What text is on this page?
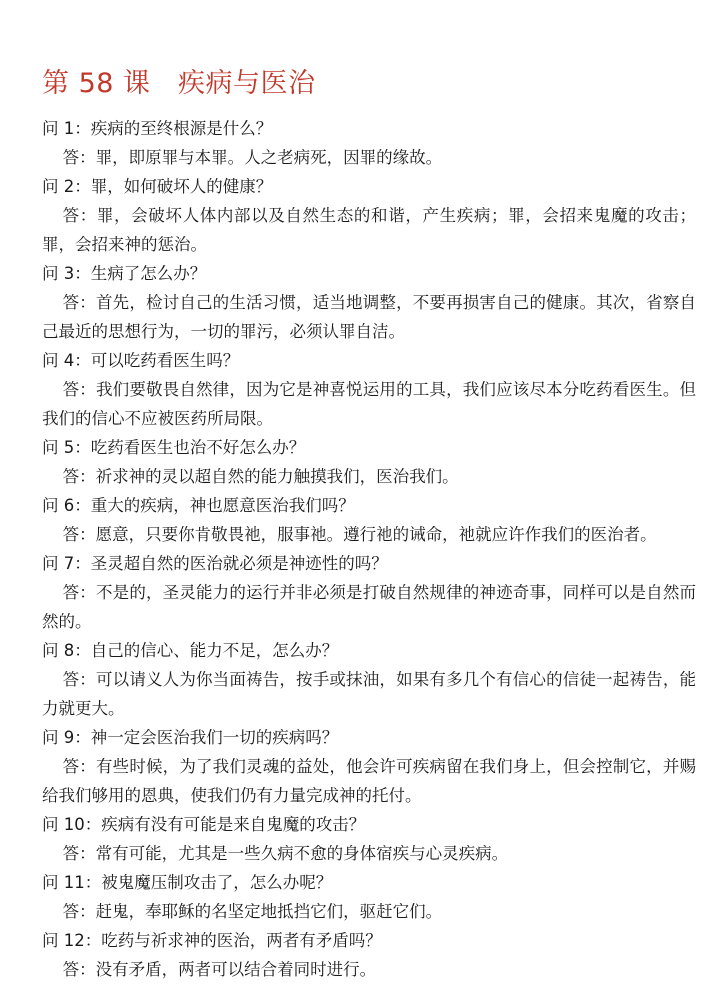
第 58 课　疾病与医治

问 1：疾病的至终根源是什么？

答：罪，即原罪与本罪。人之老病死，因罪的缘故。

问 2：罪，如何破坏人的健康？

答：罪，会破坏人体内部以及自然生态的和谐，产生疾病；罪，会招来鬼魔的攻击；罪，会招来神的惩治。

问 3：生病了怎么办？

答：首先，检讨自己的生活习惯，适当地调整，不要再损害自己的健康。其次，省察自己最近的思想行为，一切的罪污，必须认罪自洁。

问 4：可以吃药看医生吗？

答：我们要敬畏自然律，因为它是神喜悦运用的工具，我们应该尽本分吃药看医生。但我们的信心不应被医药所局限。

问 5：吃药看医生也治不好怎么办？

答：祈求神的灵以超自然的能力触摸我们，医治我们。

问 6：重大的疾病，神也愿意医治我们吗？

答：愿意，只要你肯敬畏祂，服事祂。遵行祂的诫命，祂就应许作我们的医治者。

问 7：圣灵超自然的医治就必须是神迹性的吗？

答：不是的，圣灵能力的运行并非必须是打破自然规律的神迹奇事，同样可以是自然而然的。

问 8：自己的信心、能力不足，怎么办？

答：可以请义人为你当面祷告，按手或抹油，如果有多几个有信心的信徒一起祷告，能力就更大。

问 9：神一定会医治我们一切的疾病吗？

答：有些时候，为了我们灵魂的益处，他会许可疾病留在我们身上，但会控制它，并赐给我们够用的恩典，使我们仍有力量完成神的托付。

问 10：疾病有没有可能是来自鬼魔的攻击？

答：常有可能，尤其是一些久病不愈的身体宿疾与心灵疾病。

问 11：被鬼魔压制攻击了，怎么办呢？

答：赶鬼，奉耶稣的名坚定地抵挡它们，驱赶它们。

问 12：吃药与祈求神的医治，两者有矛盾吗？

答：没有矛盾，两者可以结合着同时进行。
